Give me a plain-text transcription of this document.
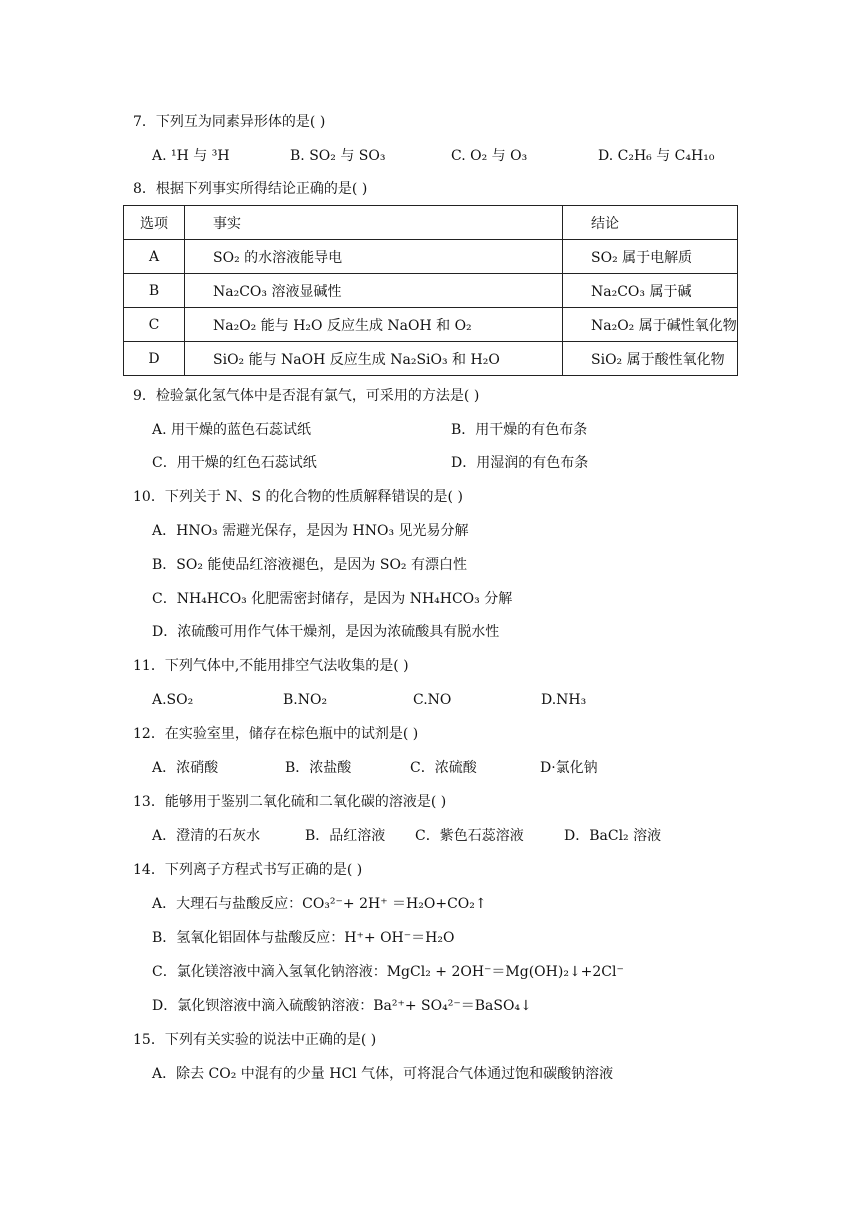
7．下列互为同素异形体的是( )
A. ¹H 与 ³H	B. SO₂ 与 SO₃	C. O₂ 与 O₃	D. C₂H₆ 与 C₄H₁₀
8．根据下列事实所得结论正确的是( )
选项	事实	结论
A	SO₂ 的水溶液能导电	SO₂ 属于电解质
B	Na₂CO₃ 溶液显碱性	Na₂CO₃ 属于碱
C	Na₂O₂ 能与 H₂O 反应生成 NaOH 和 O₂	Na₂O₂ 属于碱性氧化物
D	SiO₂ 能与 NaOH 反应生成 Na₂SiO₃ 和 H₂O	SiO₂ 属于酸性氧化物
9．检验氯化氢气体中是否混有氯气，可采用的方法是( )
A. 用干燥的蓝色石蕊试纸	B．用干燥的有色布条
C．用干燥的红色石蕊试纸	D．用湿润的有色布条
10．下列关于 N、S 的化合物的性质解释错误的是( )
A．HNO₃ 需避光保存，是因为 HNO₃ 见光易分解
B．SO₂ 能使品红溶液褪色，是因为 SO₂ 有漂白性
C．NH₄HCO₃ 化肥需密封储存，是因为 NH₄HCO₃ 分解
D．浓硫酸可用作气体干燥剂，是因为浓硫酸具有脱水性
11．下列气体中,不能用排空气法收集的是( )
A.SO₂	B.NO₂	C.NO	D.NH₃
12．在实验室里，储存在棕色瓶中的试剂是( )
A．浓硝酸	B．浓盐酸	C．浓硫酸	D·氯化钠
13．能够用于鉴别二氧化硫和二氧化碳的溶液是( )
A．澄清的石灰水	B．品红溶液 C．紫色石蕊溶液	D．BaCl₂ 溶液
14．下列离子方程式书写正确的是( )
A．大理石与盐酸反应：CO₃²⁻+ 2H⁺ ＝H₂O+CO₂↑
B．氢氧化铝固体与盐酸反应：H⁺+ OH⁻＝H₂O
C．氯化镁溶液中滴入氢氧化钠溶液：MgCl₂ + 2OH⁻＝Mg(OH)₂↓+2Cl⁻
D．氯化钡溶液中滴入硫酸钠溶液：Ba²⁺+ SO₄²⁻＝BaSO₄↓
15．下列有关实验的说法中正确的是( )
A．除去 CO₂ 中混有的少量 HCl 气体，可将混合气体通过饱和碳酸钠溶液
